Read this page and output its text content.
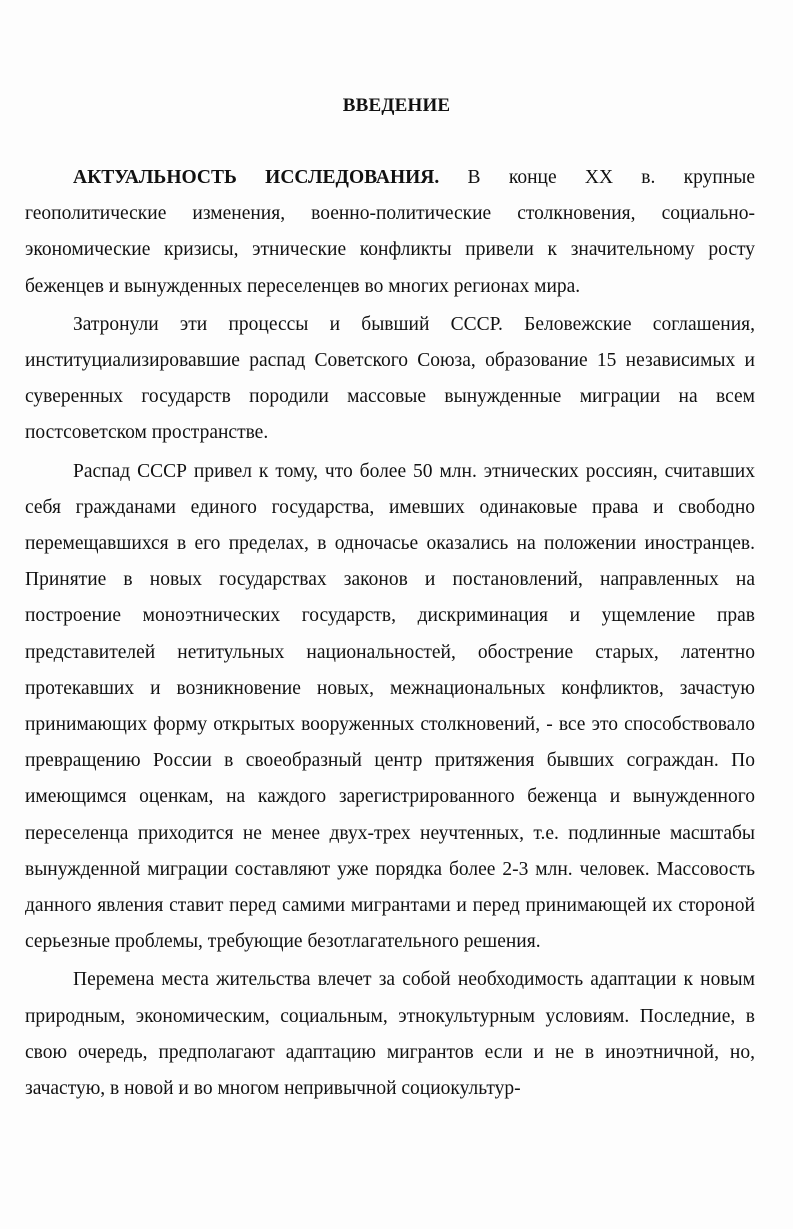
ВВЕДЕНИЕ

АКТУАЛЬНОСТЬ ИССЛЕДОВАНИЯ. В конце XX в. крупные геополитические изменения, военно-политические столкновения, социально-экономические кризисы, этнические конфликты привели к значительному росту беженцев и вынужденных переселенцев во многих регионах мира.

Затронули эти процессы и бывший СССР. Беловежские соглашения, институциализировавшие распад Советского Союза, образование 15 независимых и суверенных государств породили массовые вынужденные миграции на всем постсоветском пространстве.

Распад СССР привел к тому, что более 50 млн. этнических россиян, считавших себя гражданами единого государства, имевших одинаковые права и свободно перемещавшихся в его пределах, в одночасье оказались на положении иностранцев. Принятие в новых государствах законов и постановлений, направленных на построение моноэтнических государств, дискриминация и ущемление прав представителей нетитульных национальностей, обострение старых, латентно протекавших и возникновение новых, межнациональных конфликтов, зачастую принимающих форму открытых вооруженных столкновений, - все это способствовало превращению России в своеобразный центр притяжения бывших сограждан. По имеющимся оценкам, на каждого зарегистрированного беженца и вынужденного переселенца приходится не менее двух-трех неучтенных, т.е. подлинные масштабы вынужденной миграции составляют уже порядка более 2-3 млн. человек. Массовость данного явления ставит перед самими мигрантами и перед принимающей их стороной серьезные проблемы, требующие безотлагательного решения.

Перемена места жительства влечет за собой необходимость адаптации к новым природным, экономическим, социальным, этнокультурным условиям. Последние, в свою очередь, предполагают адаптацию мигрантов если и не в иноэтничной, но, зачастую, в новой и во многом непривычной социокультур-
